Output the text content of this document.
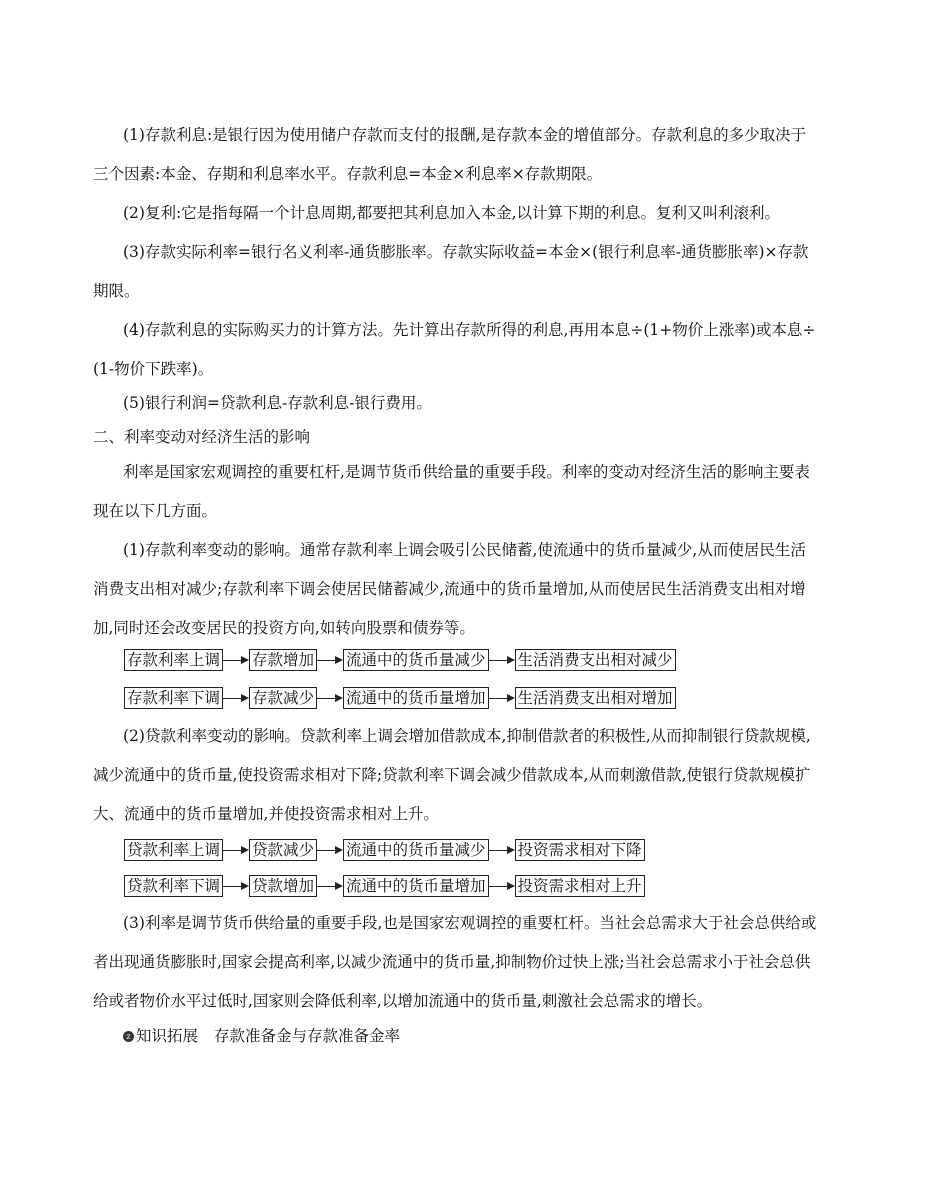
(1)存款利息:是银行因为使用储户存款而支付的报酬,是存款本金的增值部分。存款利息的多少取决于
三个因素:本金、存期和利息率水平。存款利息=本金×利息率×存款期限。
(2)复利:它是指每隔一个计息周期,都要把其利息加入本金,以计算下期的利息。复利又叫利滚利。
(3)存款实际利率=银行名义利率-通货膨胀率。存款实际收益=本金×(银行利息率-通货膨胀率)×存款
期限。
(4)存款利息的实际购买力的计算方法。先计算出存款所得的利息,再用本息÷(1+物价上涨率)或本息÷
(1-物价下跌率)。
(5)银行利润=贷款利息-存款利息-银行费用。
二、利率变动对经济生活的影响
利率是国家宏观调控的重要杠杆,是调节货币供给量的重要手段。利率的变动对经济生活的影响主要表
现在以下几方面。
(1)存款利率变动的影响。通常存款利率上调会吸引公民储蓄,使流通中的货币量减少,从而使居民生活
消费支出相对减少;存款利率下调会使居民储蓄减少,流通中的货币量增加,从而使居民生活消费支出相对增
加,同时还会改变居民的投资方向,如转向股票和债券等。
存款利率上调 存款增加 流通中的货币量减少 生活消费支出相对减少
存款利率下调 存款减少 流通中的货币量增加 生活消费支出相对增加
(2)贷款利率变动的影响。贷款利率上调会增加借款成本,抑制借款者的积极性,从而抑制银行贷款规模,
减少流通中的货币量,使投资需求相对下降;贷款利率下调会减少借款成本,从而刺激借款,使银行贷款规模扩
大、流通中的货币量增加,并使投资需求相对上升。
贷款利率上调 贷款减少 流通中的货币量减少 投资需求相对下降
贷款利率下调 贷款增加 流通中的货币量增加 投资需求相对上升
(3)利率是调节货币供给量的重要手段,也是国家宏观调控的重要杠杆。当社会总需求大于社会总供给或
者出现通货膨胀时,国家会提高利率,以减少流通中的货币量,抑制物价过快上涨;当社会总需求小于社会总供
给或者物价水平过低时,国家则会降低利率,以增加流通中的货币量,刺激社会总需求的增长。
z 知识拓展 存款准备金与存款准备金率
